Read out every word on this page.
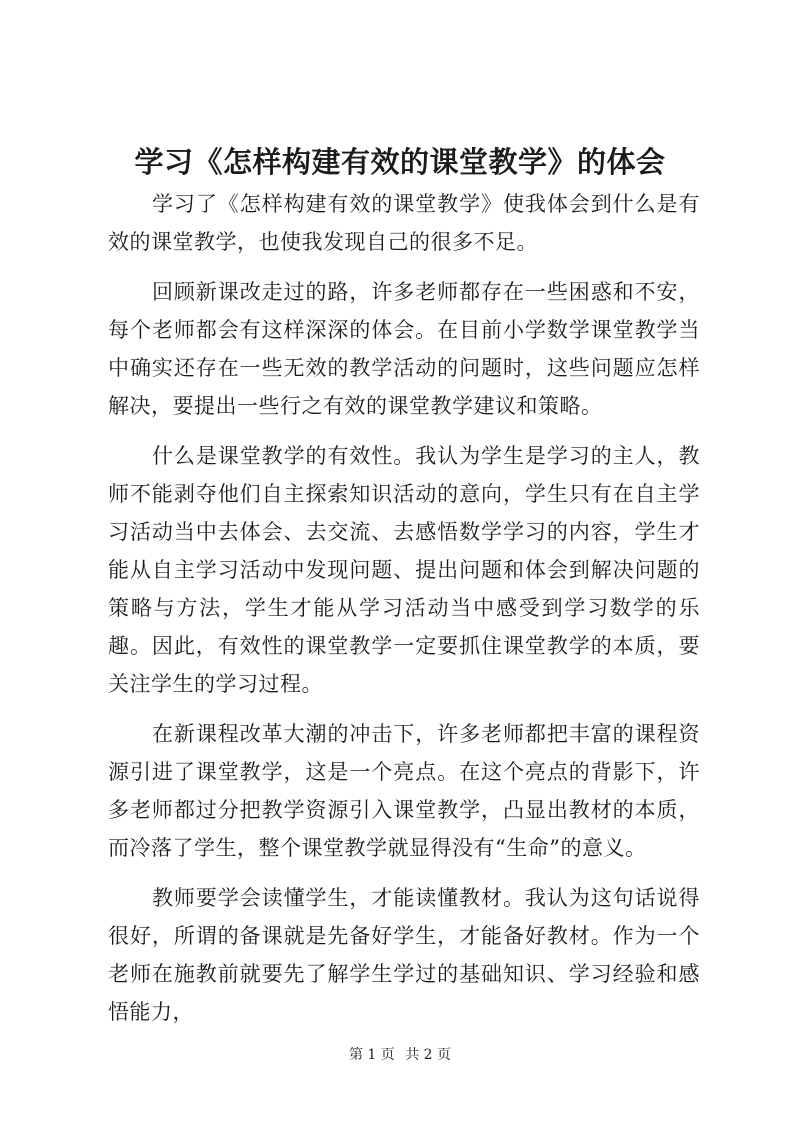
学习《怎样构建有效的课堂教学》的体会

学习了《怎样构建有效的课堂教学》使我体会到什么是有效的课堂教学，也使我发现自己的很多不足。

回顾新课改走过的路，许多老师都存在一些困惑和不安，每个老师都会有这样深深的体会。在目前小学数学课堂教学当中确实还存在一些无效的教学活动的问题时，这些问题应怎样解决，要提出一些行之有效的课堂教学建议和策略。

什么是课堂教学的有效性。我认为学生是学习的主人，教师不能剥夺他们自主探索知识活动的意向，学生只有在自主学习活动当中去体会、去交流、去感悟数学学习的内容，学生才能从自主学习活动中发现问题、提出问题和体会到解决问题的策略与方法，学生才能从学习活动当中感受到学习数学的乐趣。因此，有效性的课堂教学一定要抓住课堂教学的本质，要关注学生的学习过程。

在新课程改革大潮的冲击下，许多老师都把丰富的课程资源引进了课堂教学，这是一个亮点。在这个亮点的背影下，许多老师都过分把教学资源引入课堂教学，凸显出教材的本质，而冷落了学生，整个课堂教学就显得没有“生命”的意义。

教师要学会读懂学生，才能读懂教材。我认为这句话说得很好，所谓的备课就是先备好学生，才能备好教材。作为一个老师在施教前就要先了解学生学过的基础知识、学习经验和感悟能力，

第 1 页 共 2 页
